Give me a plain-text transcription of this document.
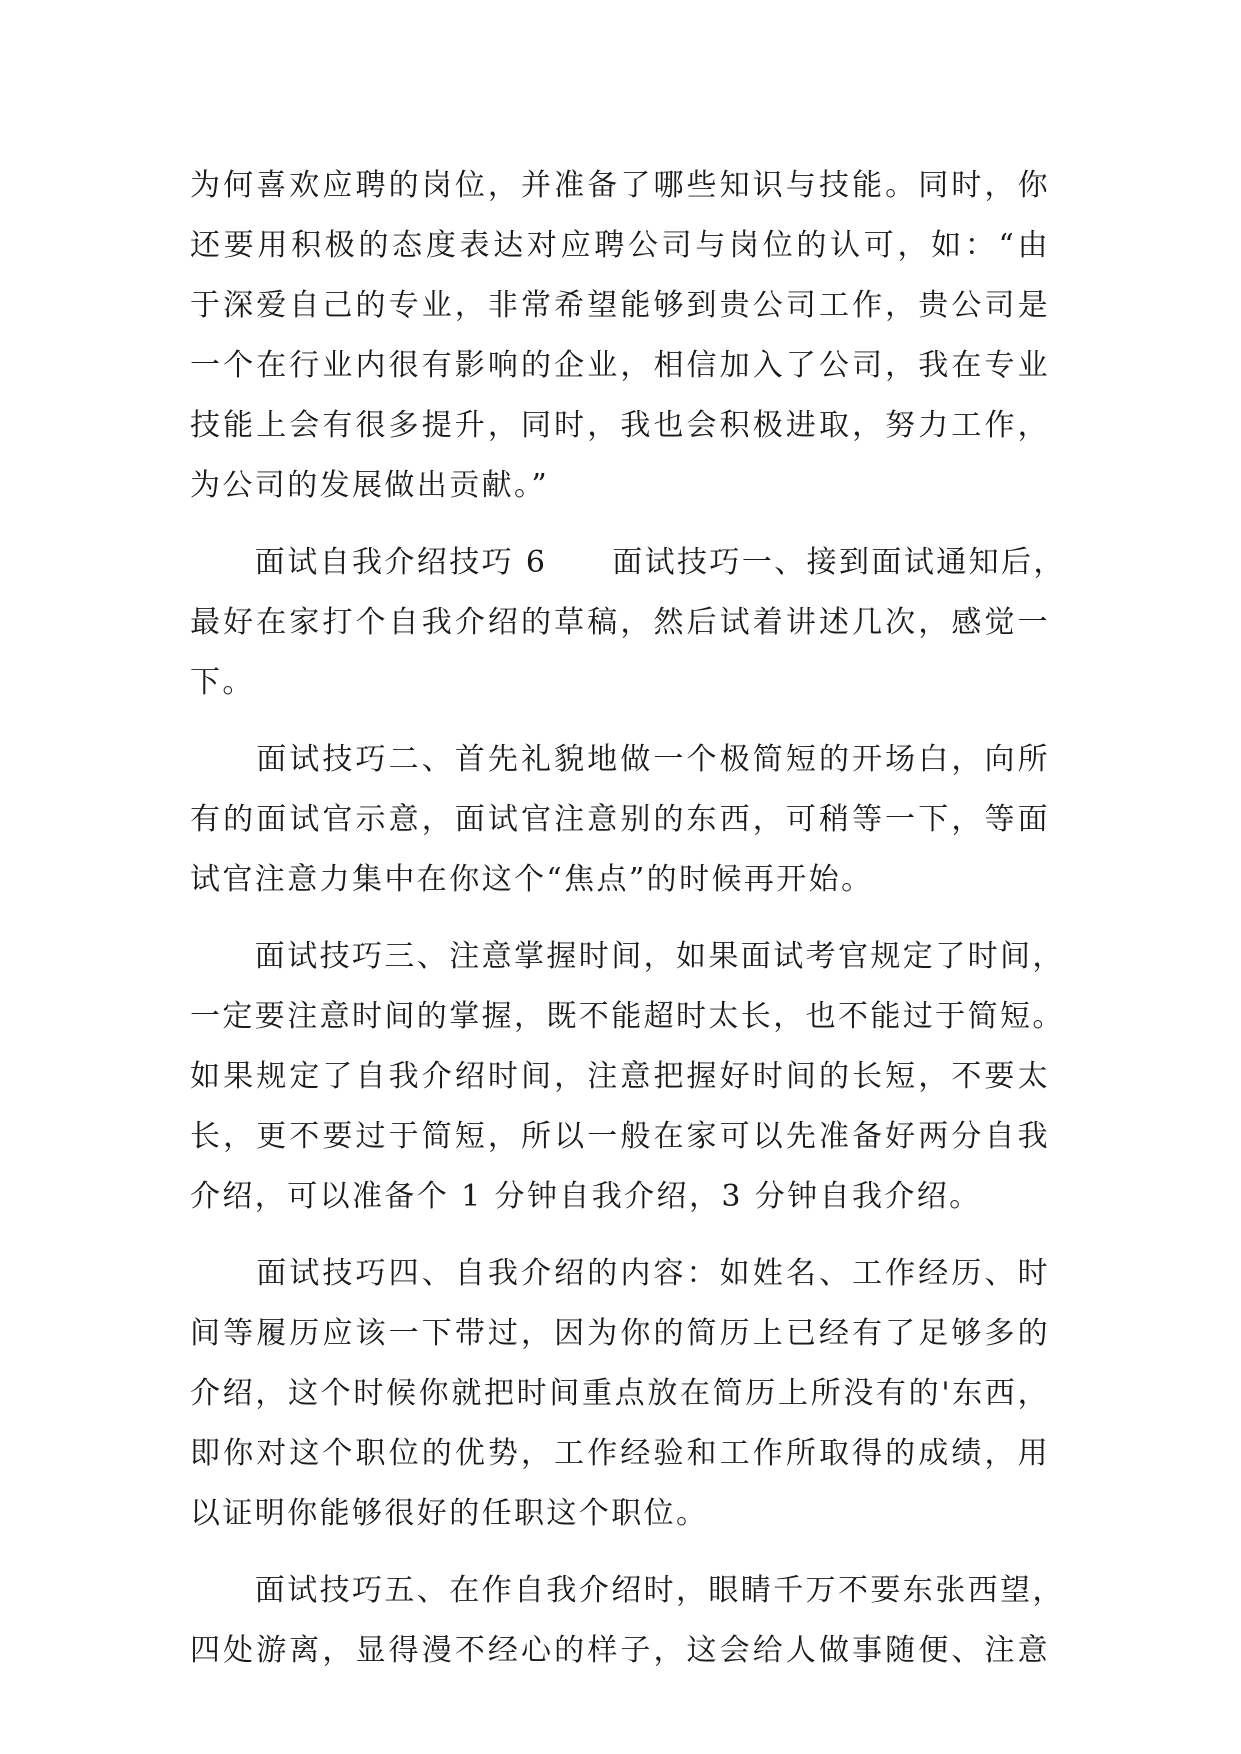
为何喜欢应聘的岗位，并准备了哪些知识与技能。同时，你
还要用积极的态度表达对应聘公司与岗位的认可，如：“由
于深爱自己的专业，非常希望能够到贵公司工作，贵公司是
一个在行业内很有影响的企业，相信加入了公司，我在专业
技能上会有很多提升，同时，我也会积极进取，努力工作，
为公司的发展做出贡献。”
　　面试自我介绍技巧 6　　面试技巧一、接到面试通知后，
最好在家打个自我介绍的草稿，然后试着讲述几次，感觉一
下。
　　面试技巧二、首先礼貌地做一个极简短的开场白，向所
有的面试官示意，面试官注意别的东西，可稍等一下，等面
试官注意力集中在你这个“焦点”的时候再开始。
　　面试技巧三、注意掌握时间，如果面试考官规定了时间，
一定要注意时间的掌握，既不能超时太长，也不能过于简短。
如果规定了自我介绍时间，注意把握好时间的长短，不要太
长，更不要过于简短，所以一般在家可以先准备好两分自我
介绍，可以准备个 1 分钟自我介绍，3 分钟自我介绍。
　　面试技巧四、自我介绍的内容：如姓名、工作经历、时
间等履历应该一下带过，因为你的简历上已经有了足够多的
介绍，这个时候你就把时间重点放在简历上所没有的'东西，
即你对这个职位的优势，工作经验和工作所取得的成绩，用
以证明你能够很好的任职这个职位。
　　面试技巧五、在作自我介绍时，眼睛千万不要东张西望，
四处游离，显得漫不经心的样子，这会给人做事随便、注意
